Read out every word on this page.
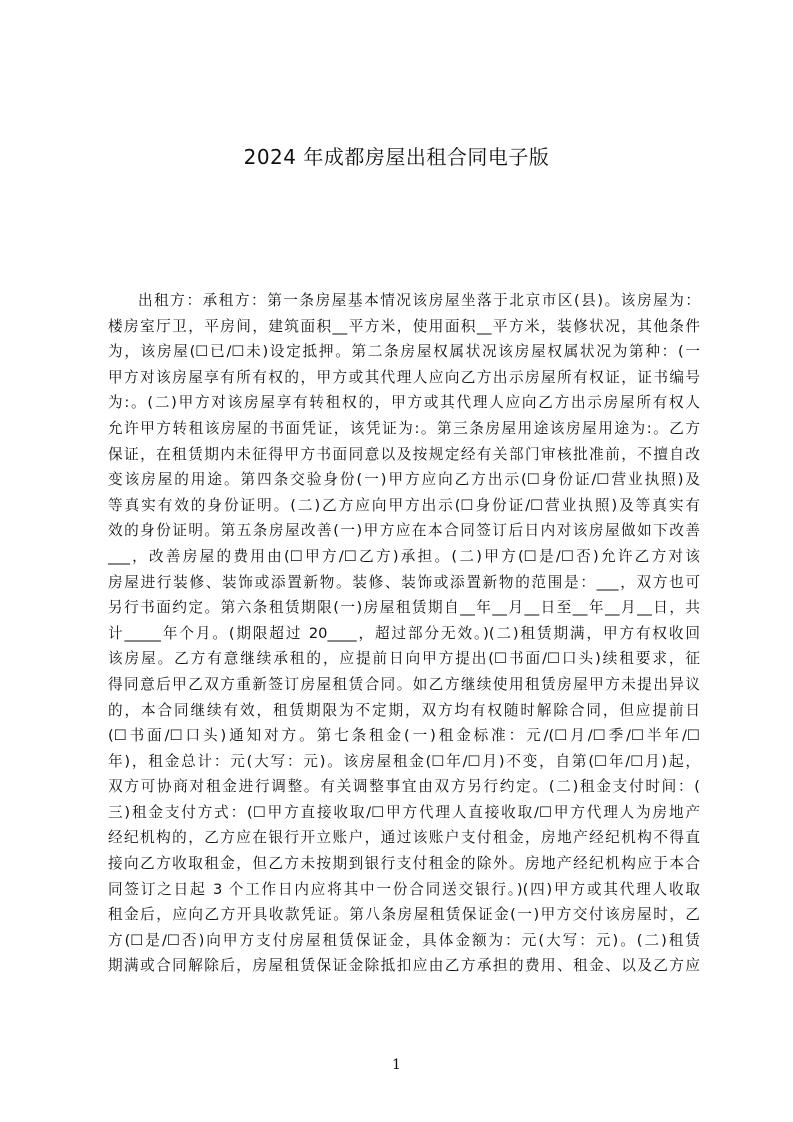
2024 年成都房屋出租合同电子版
出租方：承租方：第一条房屋基本情况该房屋坐落于北京市区(县)。该房屋为：
楼房室厅卫，平房间，建筑面积__平方米，使用面积__平方米，装修状况，其他条件
为，该房屋(☐已/☐未)设定抵押。第二条房屋权属状况该房屋权属状况为第种：(一
甲方对该房屋享有所有权的，甲方或其代理人应向乙方出示房屋所有权证，证书编号
为:。(二)甲方对该房屋享有转租权的，甲方或其代理人应向乙方出示房屋所有权人
允许甲方转租该房屋的书面凭证，该凭证为:。第三条房屋用途该房屋用途为:。乙方
保证，在租赁期内未征得甲方书面同意以及按规定经有关部门审核批准前，不擅自改
变该房屋的用途。第四条交验身份(一)甲方应向乙方出示(☐身份证/☐营业执照)及
等真实有效的身份证明。(二)乙方应向甲方出示(☐身份证/☐营业执照)及等真实有
效的身份证明。第五条房屋改善(一)甲方应在本合同签订后日内对该房屋做如下改善
___，改善房屋的费用由(☐甲方/☐乙方)承担。(二)甲方(☐是/☐否)允许乙方对该
房屋进行装修、装饰或添置新物。装修、装饰或添置新物的范围是：___，双方也可
另行书面约定。第六条租赁期限(一)房屋租赁期自__年__月__日至__年__月__日，共
计_____年个月。(期限超过 20____，超过部分无效。)(二)租赁期满，甲方有权收回
该房屋。乙方有意继续承租的，应提前日向甲方提出(☐书面/☐口头)续租要求，征
得同意后甲乙双方重新签订房屋租赁合同。如乙方继续使用租赁房屋甲方未提出异议
的，本合同继续有效，租赁期限为不定期，双方均有权随时解除合同，但应提前日
(☐书面/☐口头)通知对方。第七条租金(一)租金标准：元/(☐月/☐季/☐半年/☐
年)，租金总计：元(大写：元)。该房屋租金(☐年/☐月)不变，自第(☐年/☐月)起，
双方可协商对租金进行调整。有关调整事宜由双方另行约定。(二)租金支付时间：(
三)租金支付方式：(☐甲方直接收取/☐甲方代理人直接收取/☐甲方代理人为房地产
经纪机构的，乙方应在银行开立账户，通过该账户支付租金，房地产经纪机构不得直
接向乙方收取租金，但乙方未按期到银行支付租金的除外。房地产经纪机构应于本合
同签订之日起 3 个工作日内应将其中一份合同送交银行。)(四)甲方或其代理人收取
租金后，应向乙方开具收款凭证。第八条房屋租赁保证金(一)甲方交付该房屋时，乙
方(☐是/☐否)向甲方支付房屋租赁保证金，具体金额为：元(大写：元)。(二)租赁
期满或合同解除后，房屋租赁保证金除抵扣应由乙方承担的费用、租金、以及乙方应
1
